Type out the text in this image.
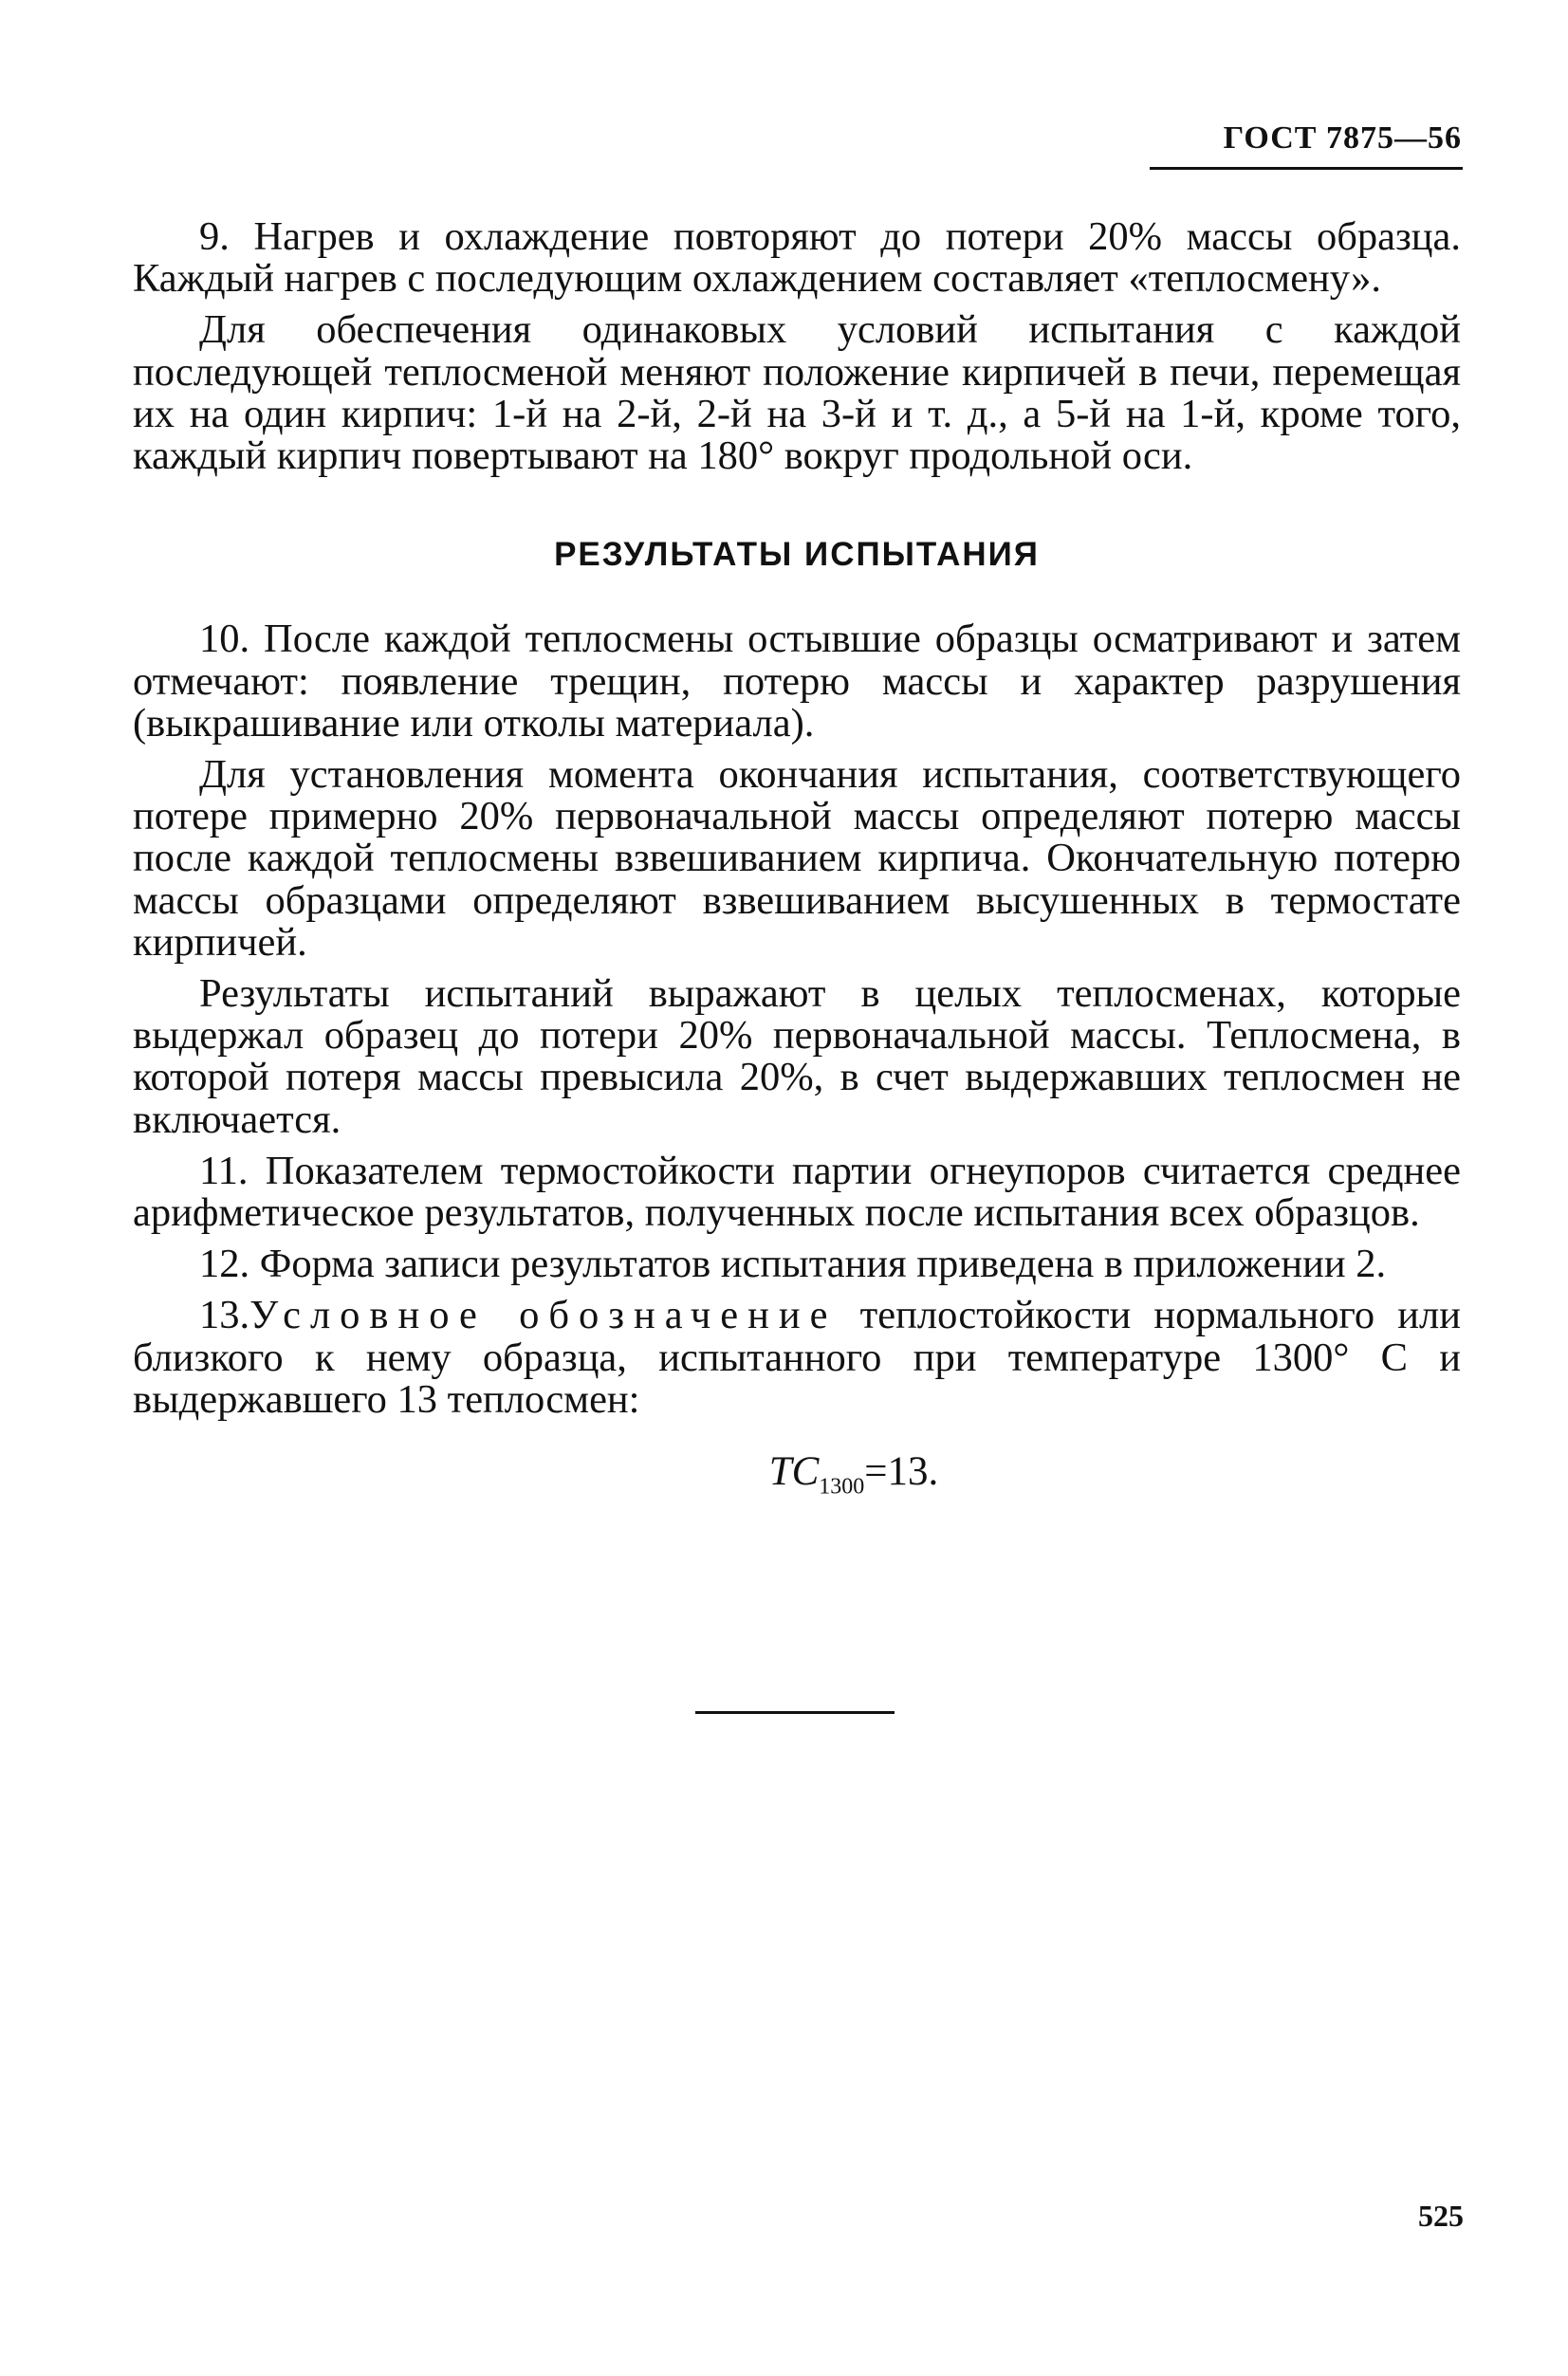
ГОСТ 7875—56

9. Нагрев и охлаждение повторяют до потери 20% массы образца. Каждый нагрев с последующим охлаждением составляет «теплосмену».

Для обеспечения одинаковых условий испытания с каждой последующей теплосменой меняют положение кирпичей в печи, перемещая их на один кирпич: 1-й на 2-й, 2-й на 3-й и т. д., а 5-й на 1-й, кроме того, каждый кирпич повертывают на 180° вокруг продольной оси.

РЕЗУЛЬТАТЫ ИСПЫТАНИЯ

10. После каждой теплосмены остывшие образцы осматривают и затем отмечают: появление трещин, потерю массы и характер разрушения (выкрашивание или отколы материала).

Для установления момента окончания испытания, соответствующего потере примерно 20% первоначальной массы определяют потерю массы после каждой теплосмены взвешиванием кирпича. Окончательную потерю массы образцами определяют взвешиванием высушенных в термостате кирпичей.

Результаты испытаний выражают в целых теплосменах, которые выдержал образец до потери 20% первоначальной массы. Теплосмена, в которой потеря массы превысила 20%, в счет выдержавших теплосмен не включается.

11. Показателем термостойкости партии огнеупоров считается среднее арифметическое результатов, полученных после испытания всех образцов.

12. Форма записи результатов испытания приведена в приложении 2.

13.Условное обозначение теплостойкости нормального или близкого к нему образца, испытанного при температуре 1300° С и выдержавшего 13 теплосмен:

$TC_{1300}=13$.
525
